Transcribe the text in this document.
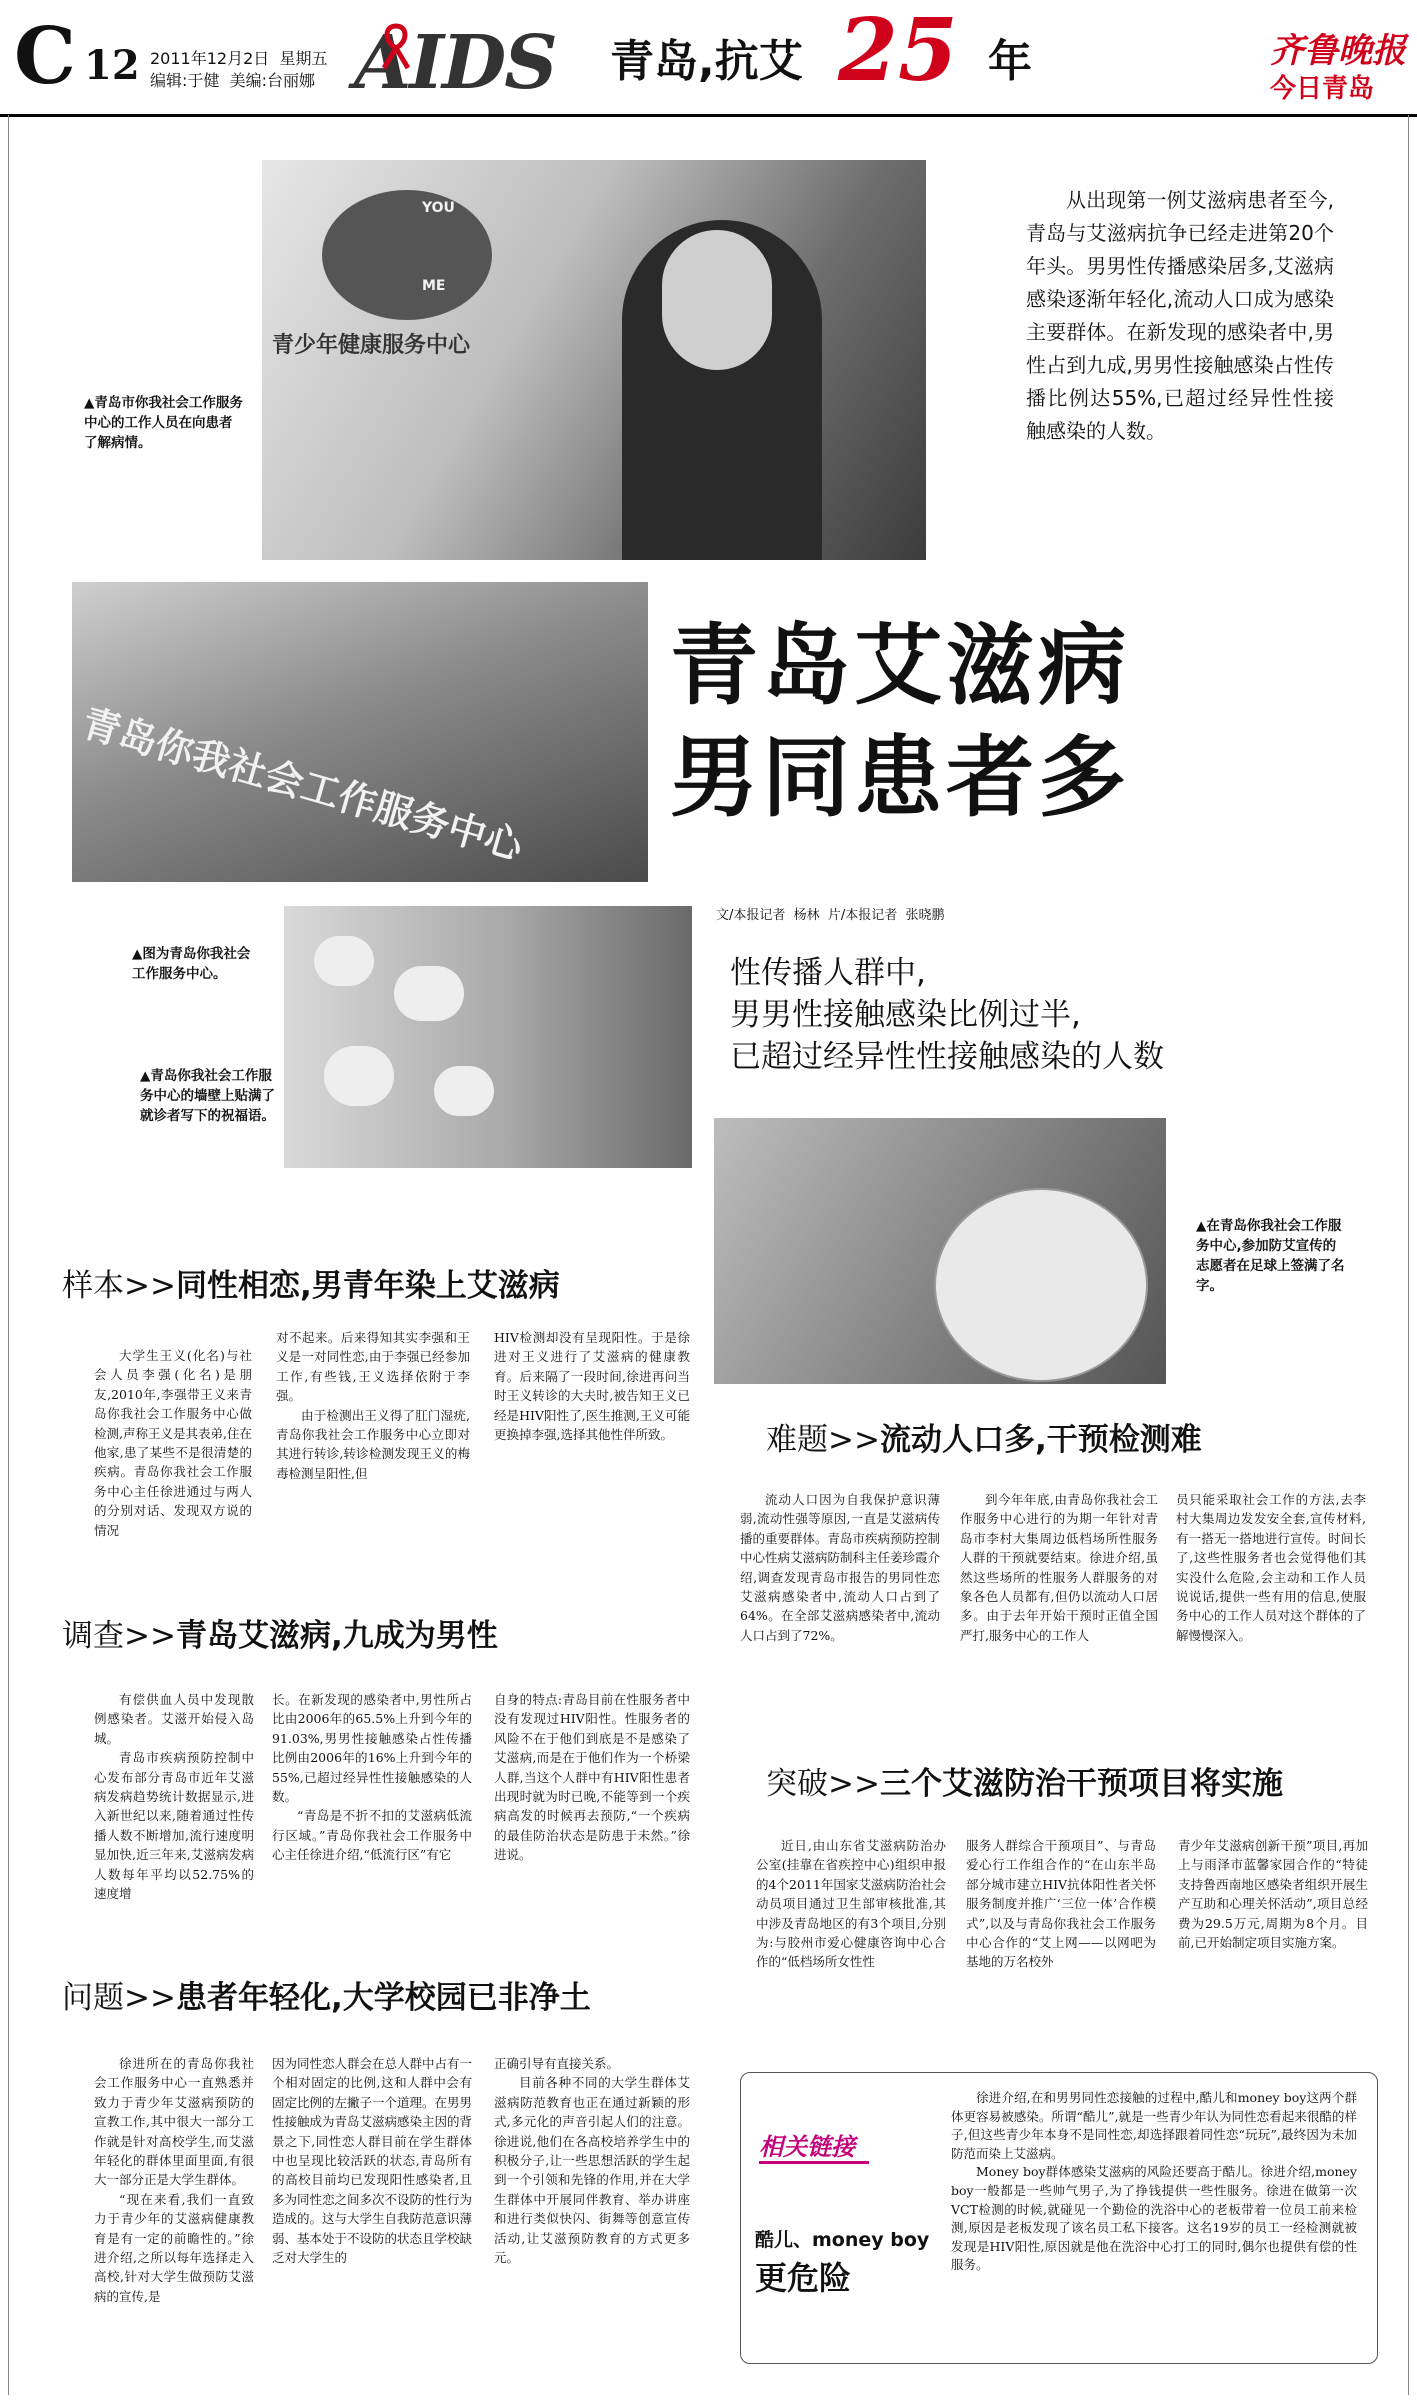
C 12 2011年12月2日 星期五
编辑:于健 美编:台丽娜 AIDS 青岛,抗艾 25 年	齐鲁晚报
今日青岛
YOU
ME
青少年健康服务中心
▲青岛市你我社会工作服务中心的工作人员在向患者了解病情。
从出现第一例艾滋病患者至今,青岛与艾滋病抗争已经走进第20个年头。男男性传播感染居多,艾滋病感染逐渐年轻化,流动人口成为感染主要群体。在新发现的感染者中,男性占到九成,男男性接触感染占性传播比例达55%,已超过经异性性接触感染的人数。
青岛你我社会工作服务中心
青岛艾滋病
男同患者多
▲图为青岛你我社会工作服务中心。
▲青岛你我社会工作服务中心的墙壁上贴满了就诊者写下的祝福语。
文/本报记者  杨林  片/本报记者  张晓鹏
性传播人群中,
男男性接触感染比例过半,
已超过经异性性接触感染的人数
▲在青岛你我社会工作服务中心,参加防艾宣传的志愿者在足球上签满了名字。
样本>>同性相恋,男青年染上艾滋病

大学生王义(化名)与社会人员李强(化名)是朋友,2010年,李强带王义来青岛你我社会工作服务中心做检测,声称王义是其表弟,住在他家,患了某些不是很清楚的疾病。青岛你我社会工作服务中心主任徐进通过与两人的分别对话、发现双方说的情况

对不起来。后来得知其实李强和王义是一对同性恋,由于李强已经参加工作,有些钱,王义选择依附于李强。

由于检测出王义得了肛门湿疣,青岛你我社会工作服务中心立即对其进行转诊,转诊检测发现王义的梅毒检测呈阳性,但

HIV检测却没有呈现阳性。于是徐进对王义进行了艾滋病的健康教育。后来隔了一段时间,徐进再问当时王义转诊的大夫时,被告知王义已经是HIV阳性了,医生推测,王义可能更换掉李强,选择其他性伴所致。	难题>>流动人口多,干预检测难

流动人口因为自我保护意识薄弱,流动性强等原因,一直是艾滋病传播的重要群体。青岛市疾病预防控制中心性病艾滋病防制科主任姜珍霞介绍,调查发现青岛市报告的男同性恋艾滋病感染者中,流动人口占到了64%。在全部艾滋病感染者中,流动人口占到了72%。

到今年年底,由青岛你我社会工作服务中心进行的为期一年针对青岛市李村大集周边低档场所性服务人群的干预就要结束。徐进介绍,虽然这些场所的性服务人群服务的对象各色人员都有,但仍以流动人口居多。由于去年开始干预时正值全国严打,服务中心的工作人

员只能采取社会工作的方法,去李村大集周边发发安全套,宣传材料,有一搭无一搭地进行宣传。时间长了,这些性服务者也会觉得他们其实没什么危险,会主动和工作人员说说话,提供一些有用的信息,使服务中心的工作人员对这个群体的了解慢慢深入。

调查>>青岛艾滋病,九成为男性

有偿供血人员中发现散例感染者。艾滋开始侵入岛城。

青岛市疾病预防控制中心发布部分青岛市近年艾滋病发病趋势统计数据显示,进入新世纪以来,随着通过性传播人数不断增加,流行速度明显加快,近三年来,艾滋病发病人数每年平均以52.75%的速度增

长。在新发现的感染者中,男性所占比由2006年的65.5%上升到今年的91.03%,男男性接触感染占性传播比例由2006年的16%上升到今年的55%,已超过经异性性接触感染的人数。

“青岛是不折不扣的艾滋病低流行区域。”青岛你我社会工作服务中心主任徐进介绍,“低流行区”有它

自身的特点:青岛目前在性服务者中没有发现过HIV阳性。性服务者的风险不在于他们到底是不是感染了艾滋病,而是在于他们作为一个桥梁人群,当这个人群中有HIV阳性患者出现时就为时已晚,不能等到一个疾病高发的时候再去预防,“一个疾病的最佳防治状态是防患于未然。”徐进说。

突破>>三个艾滋防治干预项目将实施

近日,由山东省艾滋病防治办公室(挂靠在省疾控中心)组织申报的4个2011年国家艾滋病防治社会动员项目通过卫生部审核批准,其中涉及青岛地区的有3个项目,分别为:与胶州市爱心健康咨询中心合作的“低档场所女性性

服务人群综合干预项目”、与青岛爱心行工作组合作的“在山东半岛部分城市建立HIV抗体阳性者关怀服务制度并推广‘三位一体’合作模式”,以及与青岛你我社会工作服务中心合作的“艾上网——以网吧为基地的万名校外

青少年艾滋病创新干预”项目,再加上与雨泽市蓝馨家园合作的“特徒支持鲁西南地区感染者组织开展生产互助和心理关怀活动”,项目总经费为29.5万元,周期为8个月。目前,已开始制定项目实施方案。

问题>>患者年轻化,大学校园已非净土

徐进所在的青岛你我社会工作服务中心一直熟悉并致力于青少年艾滋病预防的宣教工作,其中很大一部分工作就是针对高校学生,而艾滋年轻化的群体里面里面,有很大一部分正是大学生群体。

“现在来看,我们一直致力于青少年的艾滋病健康教育是有一定的前瞻性的。”徐进介绍,之所以每年选择走入高校,针对大学生做预防艾滋病的宣传,是

因为同性恋人群会在总人群中占有一个相对固定的比例,这和人群中会有固定比例的左撇子一个道理。在男男性接触成为青岛艾滋病感染主因的背景之下,同性恋人群目前在学生群体中也呈现比较活跃的状态,青岛所有的高校目前均已发现阳性感染者,且多为同性恋之间多次不设防的性行为造成的。这与大学生自我防范意识薄弱、基本处于不设防的状态且学校缺乏对大学生的

正确引导有直接关系。

目前各种不同的大学生群体艾滋病防范教育也正在通过新颖的形式,多元化的声音引起人们的注意。徐进说,他们在各高校培养学生中的积极分子,让一些思想活跃的学生起到一个引领和先锋的作用,并在大学生群体中开展同伴教育、举办讲座和进行类似快闪、街舞等创意宣传活动,让艾滋预防教育的方式更多元。

相关链接
酷儿、money boy
更危险

徐进介绍,在和男男同性恋接触的过程中,酷儿和money boy这两个群体更容易被感染。所谓“酷儿”,就是一些青少年认为同性恋看起来很酷的样子,但这些青少年本身不是同性恋,却选择跟着同性恋“玩玩”,最终因为未加防范而染上艾滋病。

Money boy群体感染艾滋病的风险还要高于酷儿。徐进介绍,money boy一般都是一些帅气男子,为了挣钱提供一些性服务。徐进在做第一次VCT检测的时候,就碰见一个勤俭的洗浴中心的老板带着一位员工前来检测,原因是老板发现了该名员工私下接客。这名19岁的员工一经检测就被发现是HIV阳性,原因就是他在洗浴中心打工的同时,偶尔也提供有偿的性服务。
